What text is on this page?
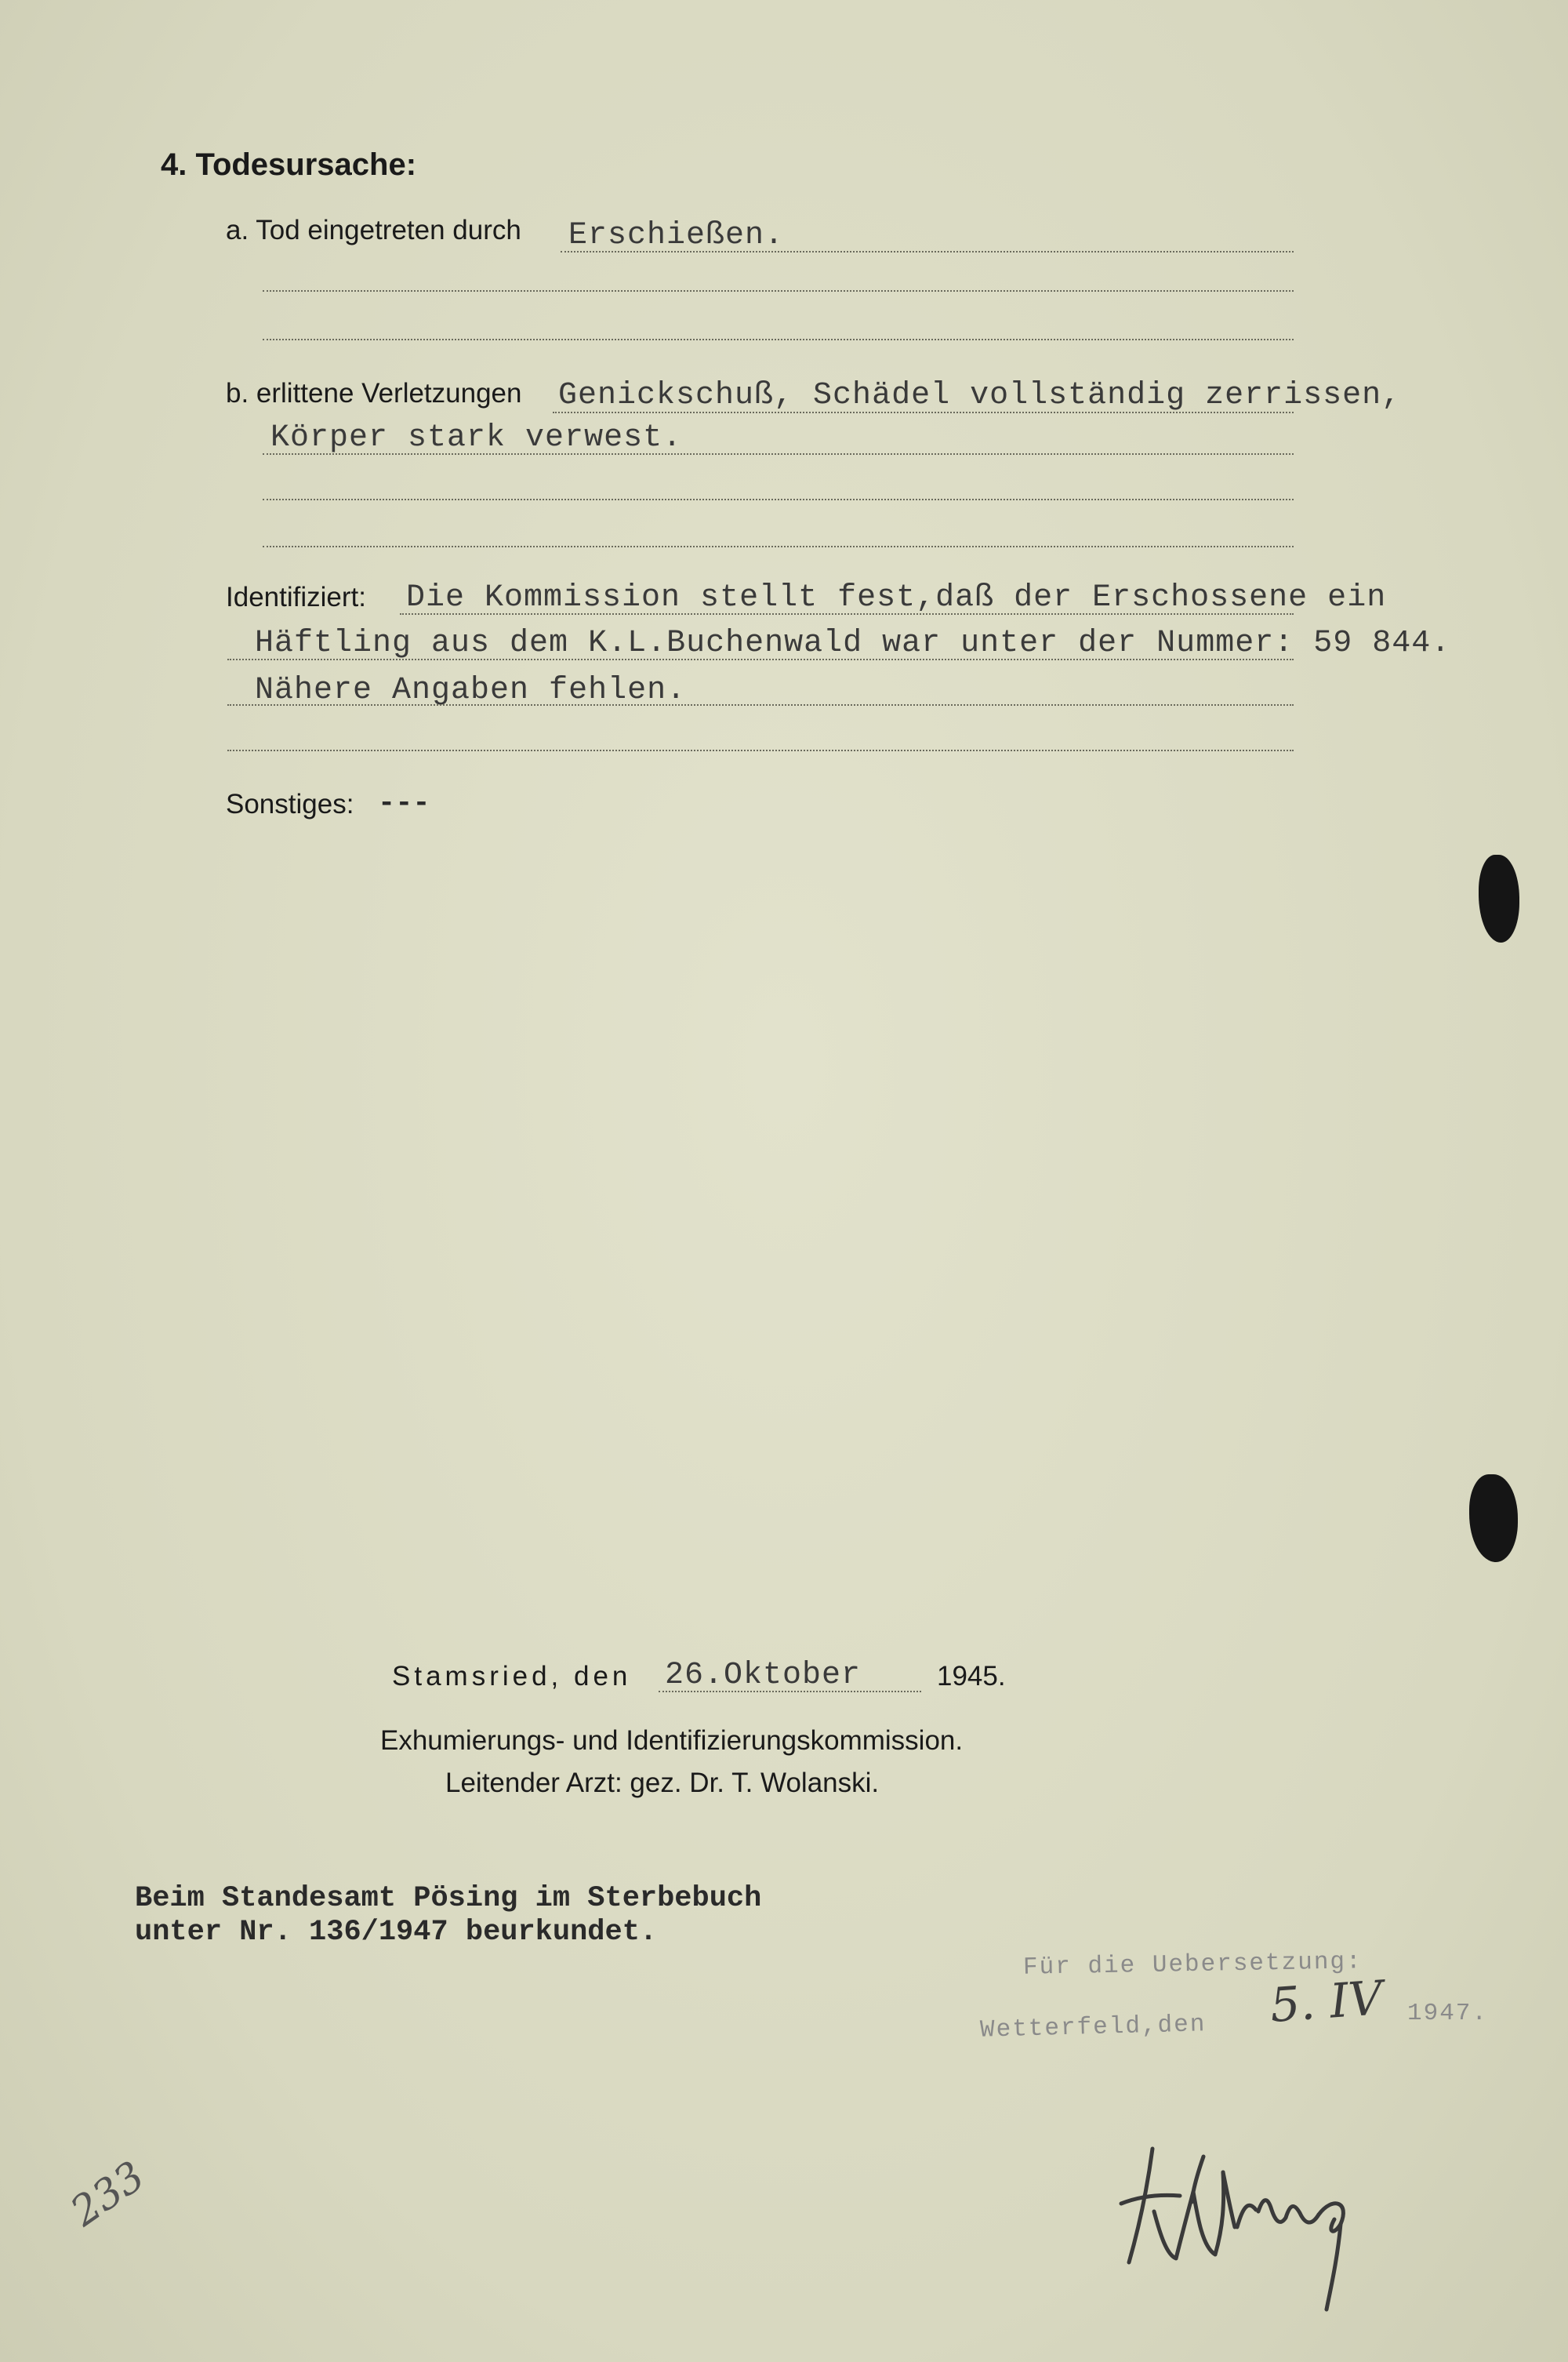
4. Todesursache:
a. Tod eingetreten durch Erschießen.
b. erlittene Verletzungen Genickschuß, Schädel vollständig zerrissen,
Körper stark verwest.
Identifiziert: Die Kommission stellt fest,daß der Erschossene ein
Häftling aus dem K.L.Buchenwald war unter der Nummer: 59 844.
Nähere Angaben fehlen.
Sonstiges: ---
Stamsried, den 26.Oktober	1945.
Exhumierungs- und Identifizierungskommission.
Leitender Arzt: gez. Dr. T. Wolanski.
Beim Standesamt Pösing im Sterbebuch
unter Nr. 136/1947 beurkundet.
Für die Uebersetzung:
Wetterfeld,den 5. IV 1947.
233
